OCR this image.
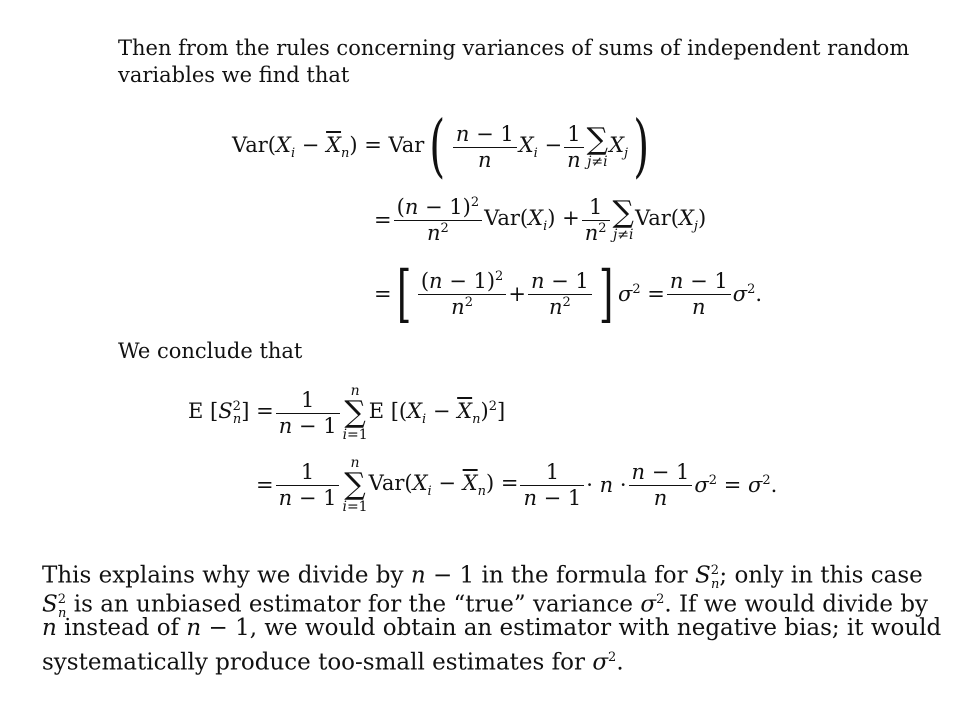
Then from the rules concerning variances of sums of independent random
variables we find that
$Var(X_i - \overline{X}_n)$ = Var ( $\frac{n - 1}{n} X_i - \frac{1}{n}$ ∑
j≠i
$X_j$ )
= $\frac{(n - 1)^2}{n^2} Var(X_i) + \frac{1}{n^2}$ ∑
j≠i
$Var(X_j)$
= [ $\frac{(n - 1)^2}{n^2} + \frac{n - 1}{n^2}$ ] $\sigma^2 = \frac{n - 1}{n} \sigma^2$.
We conclude that
E $[S^2_n] = \frac{1}{n - 1}$ n
∑
i=1
E $[(X_i - \overline{X}_n)^2]$
= $\frac{1}{n - 1}$ n
∑
i=1
$Var(X_i - \overline{X}_n) = \frac{1}{n - 1} \cdot n \cdot \frac{n - 1}{n} \sigma^2 = \sigma^2$.
This explains why we divide by n − 1 in the formula for $S^2_n$; only in this case
$S^2_n$ is an unbiased estimator for the “true” variance $\sigma^2$. If we would divide by
n instead of n − 1, we would obtain an estimator with negative bias; it would
systematically produce too-small estimates for $\sigma^2$.
